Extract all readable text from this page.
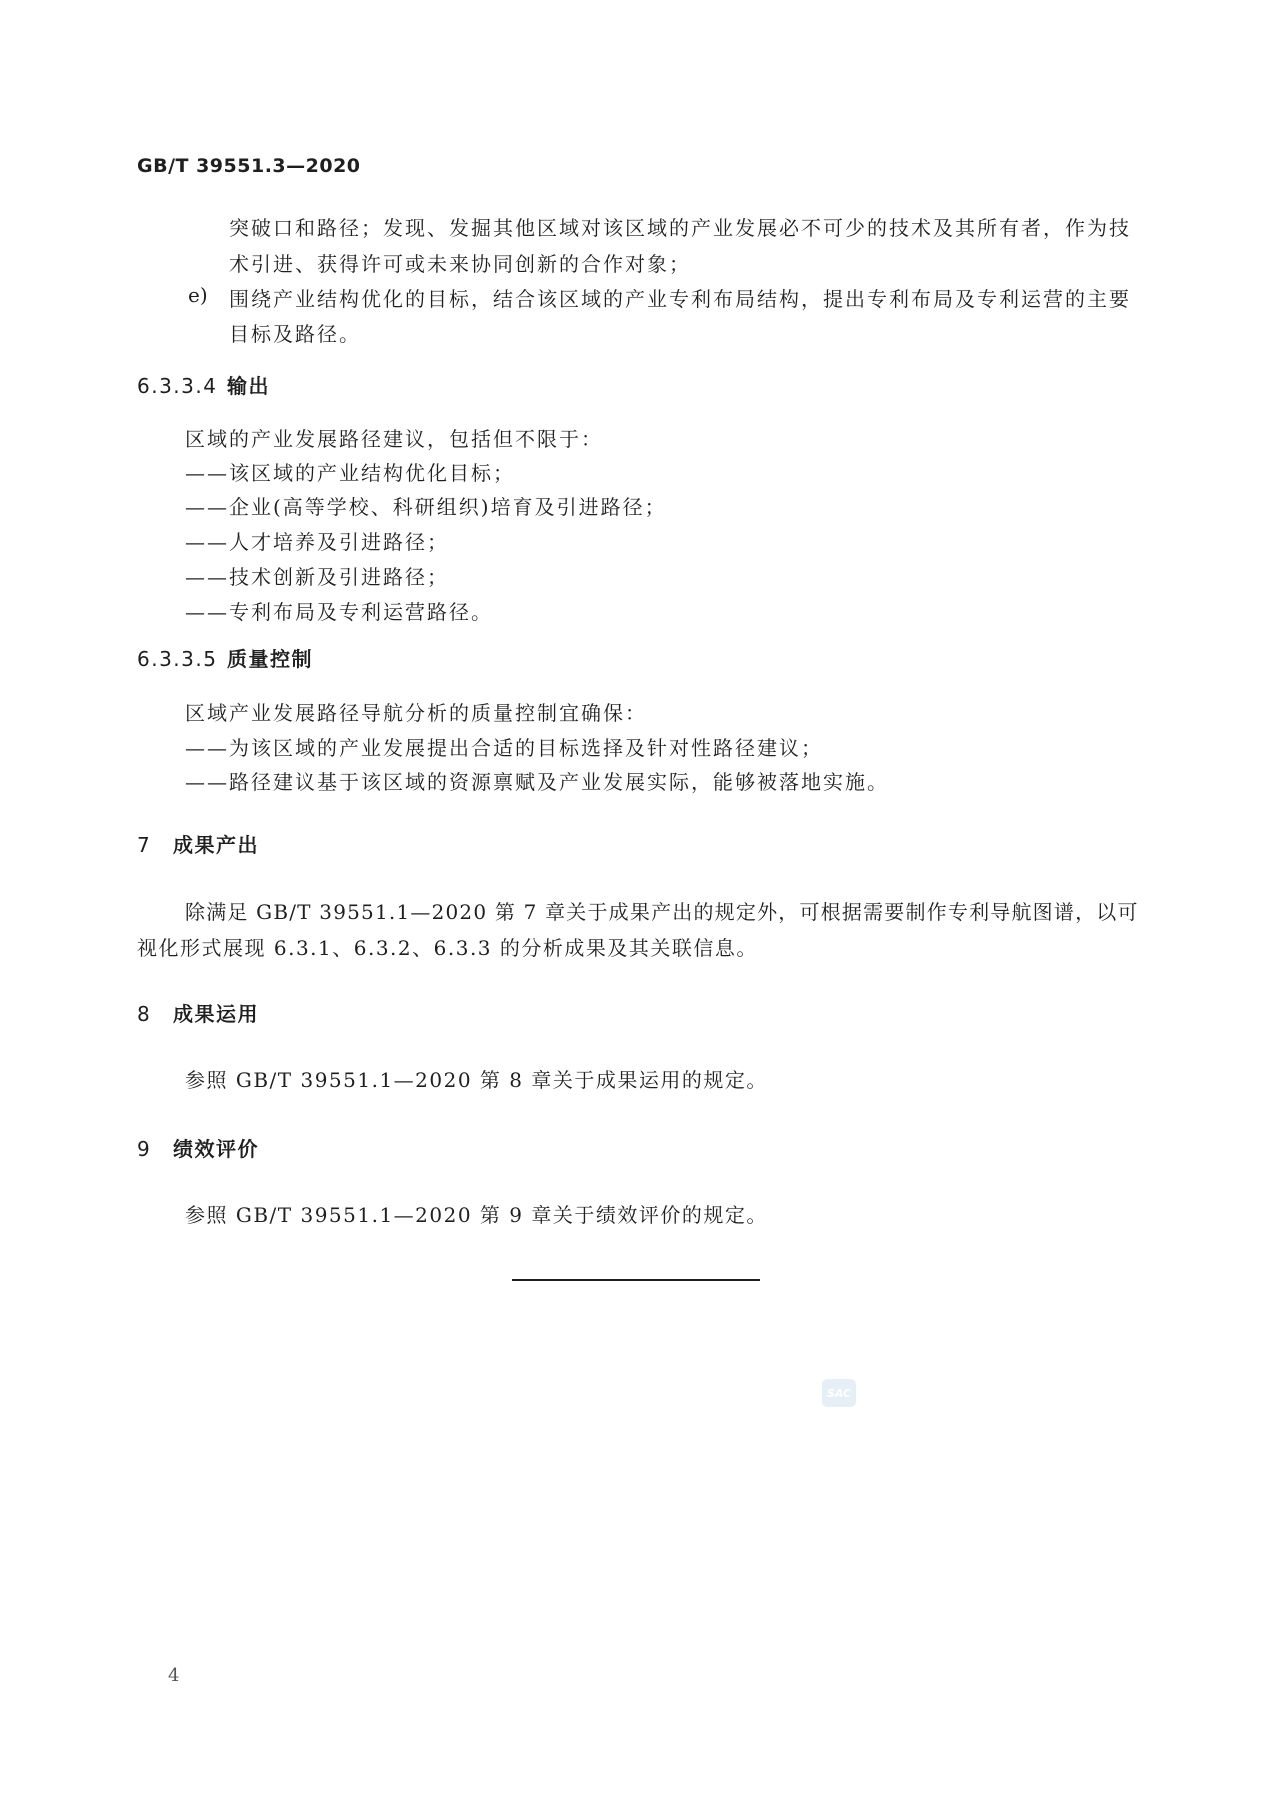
GB/T 39551.3—2020
突破口和路径；发现、发掘其他区域对该区域的产业发展必不可少的技术及其所有者，作为技
术引进、获得许可或未来协同创新的合作对象；
e) 围绕产业结构优化的目标，结合该区域的产业专利布局结构，提出专利布局及专利运营的主要
目标及路径。
6.3.3.4 输出
区域的产业发展路径建议，包括但不限于：
——该区域的产业结构优化目标；
——企业(高等学校、科研组织)培育及引进路径；
——人才培养及引进路径；
——技术创新及引进路径；
——专利布局及专利运营路径。
6.3.3.5 质量控制
区域产业发展路径导航分析的质量控制宜确保：
——为该区域的产业发展提出合适的目标选择及针对性路径建议；
——路径建议基于该区域的资源禀赋及产业发展实际，能够被落地实施。
7 成果产出
除满足 GB/T 39551.1—2020 第 7 章关于成果产出的规定外，可根据需要制作专利导航图谱，以可
视化形式展现 6.3.1、6.3.2、6.3.3 的分析成果及其关联信息。
8 成果运用
参照 GB/T 39551.1—2020 第 8 章关于成果运用的规定。
9 绩效评价
参照 GB/T 39551.1—2020 第 9 章关于绩效评价的规定。
SAC
4
